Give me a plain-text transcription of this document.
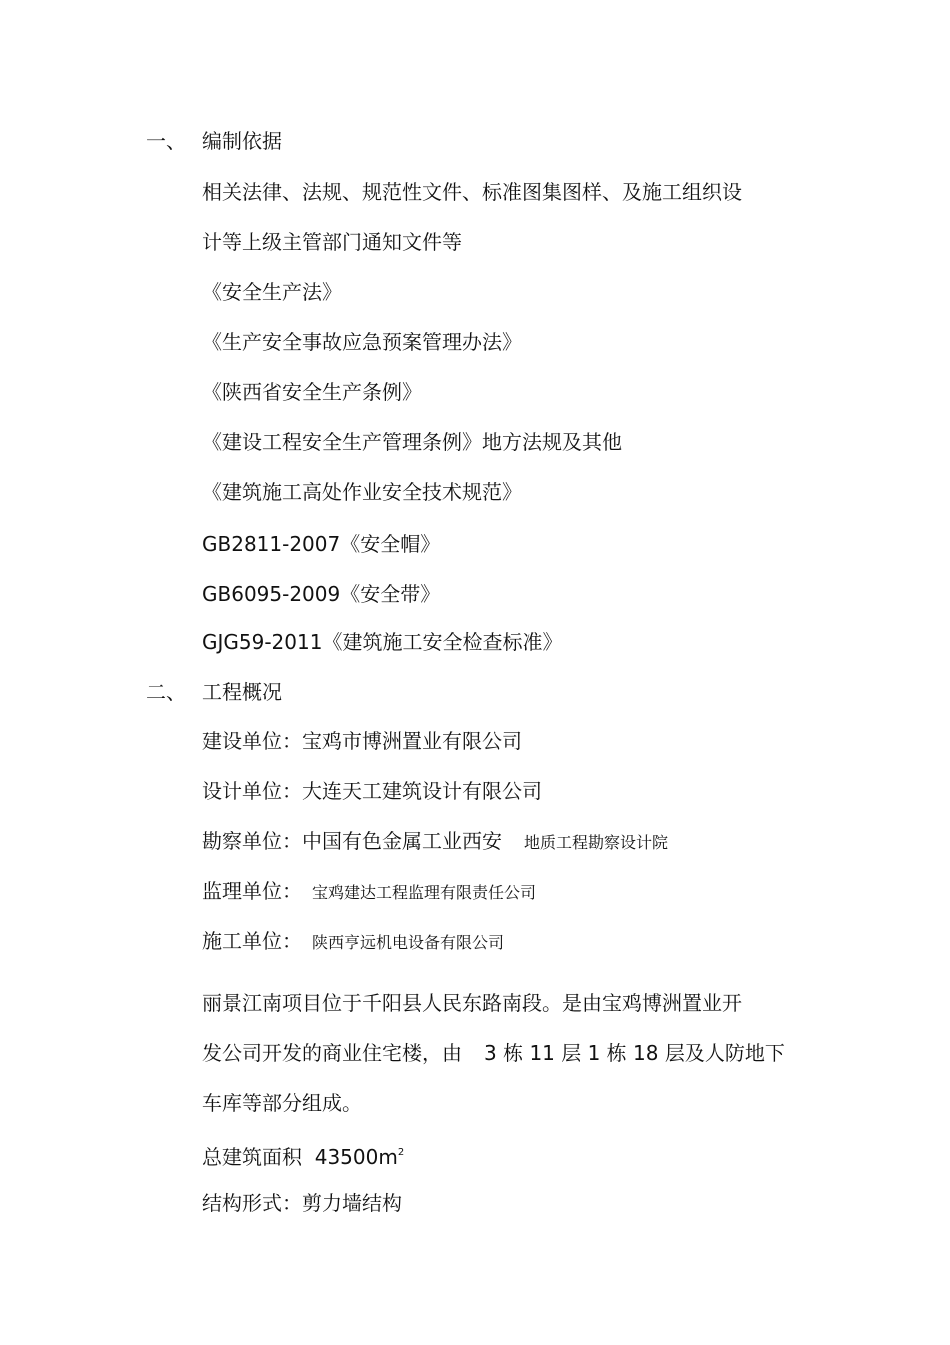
一、 编制依据
相关法律、法规、规范性文件、标准图集图样、及施工组织设
计等上级主管部门通知文件等
《安全生产法》
《生产安全事故应急预案管理办法》
《陕西省安全生产条例》
《建设工程安全生产管理条例》地方法规及其他
《建筑施工高处作业安全技术规范》
GB2811-2007《安全帽》
GB6095-2009《安全带》
GJG59-2011《建筑施工安全检查标准》
二、 工程概况
建设单位：宝鸡市博洲置业有限公司
设计单位：大连天工建筑设计有限公司
勘察单位：中国有色金属工业西安 地质工程勘察设计院
监理单位： 宝鸡建达工程监理有限责任公司
施工单位： 陕西亨远机电设备有限公司
丽景江南项目位于千阳县人民东路南段。是由宝鸡博洲置业开
发公司开发的商业住宅楼，由 3 栋 11 层 1 栋 18 层及人防地下
车库等部分组成。
总建筑面积 $43500m^2$
结构形式：剪力墙结构
